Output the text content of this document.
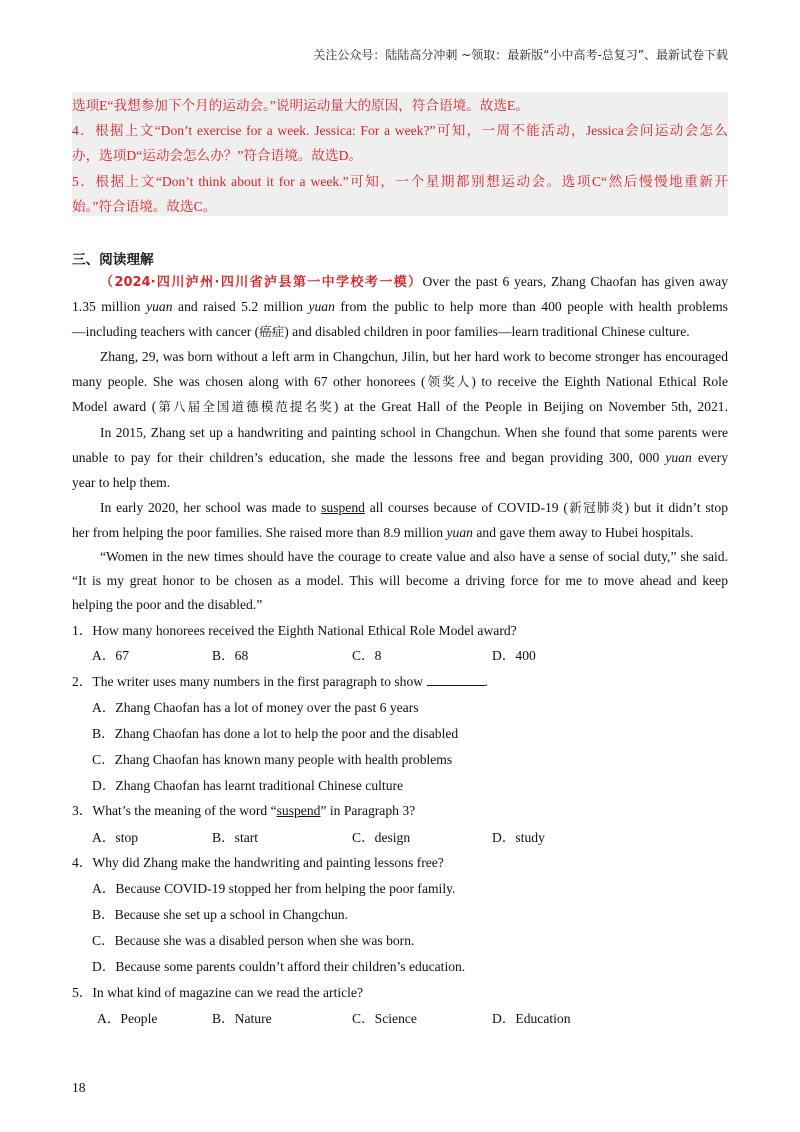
关注公众号：陆陆高分冲刺 ~领取：最新版“小中高考-总复习”、最新试卷下载
选项E“我想参加下个月的运动会。”说明运动量大的原因，符合语境。故选E。
4．根据上文“Don’t exercise for a week. Jessica: For a week?”可知，一周不能活动，Jessica会问运动会怎么
办，选项D“运动会怎么办？”符合语境。故选D。
5．根据上文“Don’t think about it for a week.”可知，一个星期都别想运动会。选项C“然后慢慢地重新开
始。”符合语境。故选C。
三、阅读理解
（2024·四川泸州·四川省泸县第一中学校考一模）Over the past 6 years, Zhang Chaofan has given away
1.35 million yuan and raised 5.2 million yuan from the public to help more than 400 people with health problems
—including teachers with cancer (癌症) and disabled children in poor families—learn traditional Chinese culture.
Zhang, 29, was born without a left arm in Changchun, Jilin, but her hard work to become stronger has encouraged
many people. She was chosen along with 67 other honorees (领奖人) to receive the Eighth National Ethical Role
Model award (第八届全国道德模范提名奖) at the Great Hall of the People in Beijing on November 5th, 2021.
In 2015, Zhang set up a handwriting and painting school in Changchun. When she found that some parents were
unable to pay for their children’s education, she made the lessons free and began providing 300, 000 yuan every
year to help them.
In early 2020, her school was made to suspend all courses because of COVID-19 (新冠肺炎) but it didn’t stop
her from helping the poor families. She raised more than 8.9 million yuan and gave them away to Hubei hospitals.
“Women in the new times should have the courage to create value and also have a sense of social duty,” she said.
“It is my great honor to be chosen as a model. This will become a driving force for me to move ahead and keep
helping the poor and the disabled.”
1．How many honorees received the Eighth National Ethical Role Model award?
A．67	B．68	C．8	D．400
2．The writer uses many numbers in the first paragraph to show	.
A．Zhang Chaofan has a lot of money over the past 6 years
B．Zhang Chaofan has done a lot to help the poor and the disabled
C．Zhang Chaofan has known many people with health problems
D．Zhang Chaofan has learnt traditional Chinese culture
3．What’s the meaning of the word “suspend” in Paragraph 3?
A．stop	B．start	C．design	D．study
4．Why did Zhang make the handwriting and painting lessons free?
A．Because COVID-19 stopped her from helping the poor family.
B．Because she set up a school in Changchun.
C．Because she was a disabled person when she was born.
D．Because some parents couldn’t afford their children’s education.
5．In what kind of magazine can we read the article?
A．People	B．Nature	C．Science	D．Education
18
